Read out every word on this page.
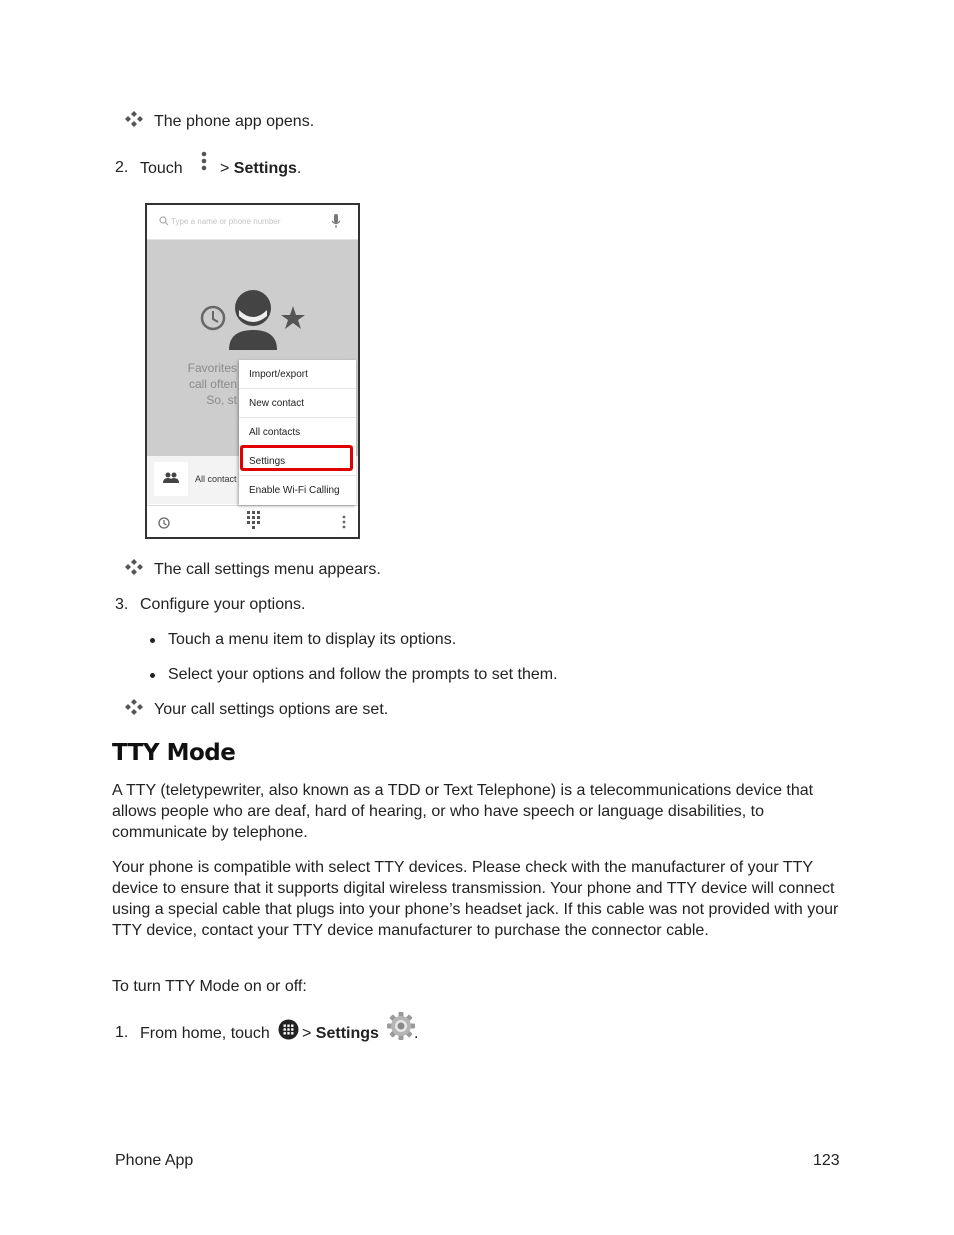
The phone app opens.
2. Touch > Settings.
Type a name or phone number
Favorites
call often
So, st
All contact
Import/export
New contact
All contacts
Settings
Enable Wi-Fi Calling
The call settings menu appears.
3. Configure your options.
Touch a menu item to display its options.
Select your options and follow the prompts to set them.
Your call settings options are set.
TTY Mode
A TTY (teletypewriter, also known as a TDD or Text Telephone) is a telecommunications device that allows people who are deaf, hard of hearing, or who have speech or language disabilities, to communicate by telephone.
Your phone is compatible with select TTY devices. Please check with the manufacturer of your TTY device to ensure that it supports digital wireless transmission. Your phone and TTY device will connect using a special cable that plugs into your phone’s headset jack. If this cable was not provided with your TTY device, contact your TTY device manufacturer to purchase the connector cable.
To turn TTY Mode on or off:
1. From home, touch > Settings .
Phone App	123
